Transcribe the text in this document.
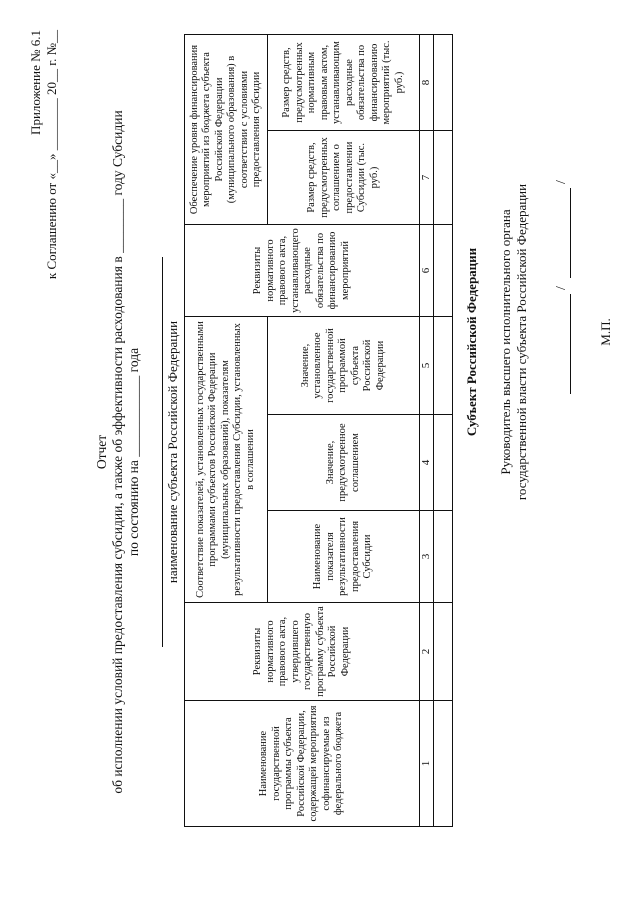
Приложение № 6.1 к Соглашению от «__» ________ 20__ г. №__
Отчет об исполнении условий предоставления субсидии, а также об эффективности расходования в ________ году Субсидии по состоянию на ____________ года наименование субъекта Российской Федерации
Наименование государственной программы субъекта Российской Федерации, содержащей мероприятия софинансируемые из федерального бюджета	Реквизиты нормативного правового акта, утвердившего государственную программу субъекта Российской Федерации	Соответствие показателей, установленных государственными программами субъектов Российской Федерации (муниципальных образований), показателям результативности предоставления Субсидии, установленных в соглашении			Реквизиты нормативного правового акта, устанавливающего расходные обязательства по финансированию мероприятий	Обеспечение уровня финансирования мероприятий из бюджета субъекта Российской Федерации (муниципального образования) в соответствии с условиями предоставления субсидии	
		Наименование показателя результативности предоставления Субсидии	Значение, предусмотренное соглашением	Значение, установленное государственной программой субъекта Российской Федерации		Размер средств, предусмотренных соглашением о предоставлении Субсидии (тыс. руб.)	Размер средств, предусмотренных нормативным правовым актом, устанавливающим расходные обязательства по финансированию мероприятий (тыс. руб.)
1	2	3	4	5	6	7	8

Субъект Российской Федерации Руководитель высшего исполнительного органа государственной власти субъекта Российской Федерации /
/
М.П.
